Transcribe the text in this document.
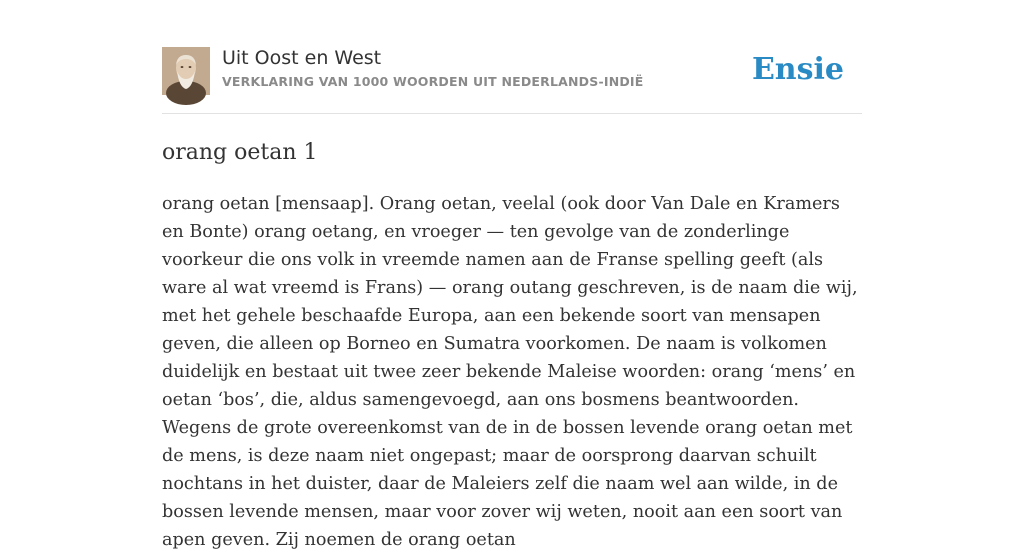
Uit Oost en West
VERKLARING VAN 1000 WOORDEN UIT NEDERLANDS-INDIË	Ensie
orang oetan 1

orang oetan [mensaap]. Orang oetan, veelal (ook door Van Dale en Kramers en Bonte) orang oetang, en vroeger — ten gevolge van de zonderlinge voorkeur die ons volk in vreemde namen aan de Franse spelling geeft (als ware al wat vreemd is Frans) — orang outang geschreven, is de naam die wij, met het gehele beschaafde Europa, aan een bekende soort van mensapen geven, die alleen op Borneo en Sumatra voorkomen. De naam is volkomen duidelijk en bestaat uit twee zeer bekende Maleise woorden: orang ‘mens’ en oetan ‘bos’, die, aldus samengevoegd, aan ons bosmens beantwoorden. Wegens de grote overeenkomst van de in de bossen levende orang oetan met de mens, is deze naam niet ongepast; maar de oorsprong daarvan schuilt nochtans in het duister, daar de Maleiers zelf die naam wel aan wilde, in de bossen levende mensen, maar voor zover wij weten, nooit aan een soort van apen geven. Zij noemen de orang oetan
